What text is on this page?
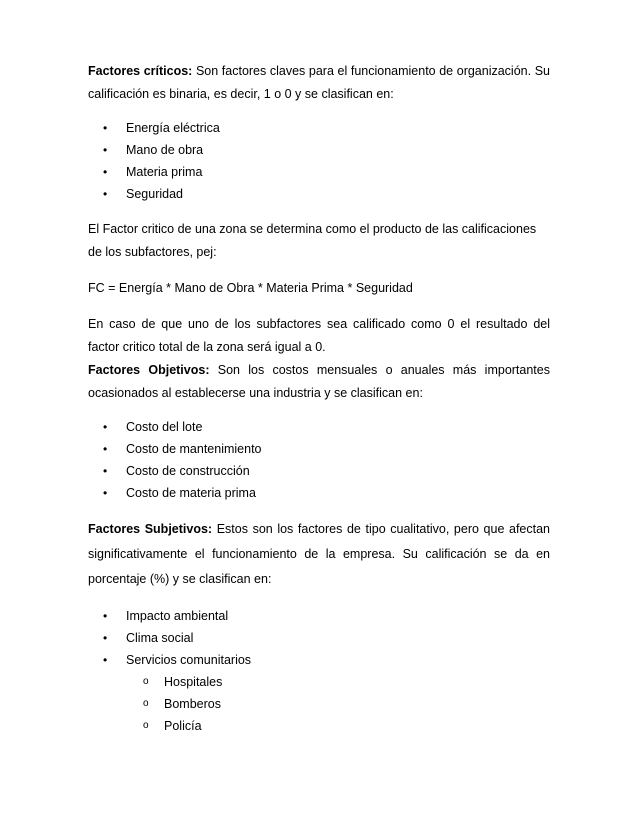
Factores críticos: Son factores claves para el funcionamiento de organización. Su calificación es binaria, es decir, 1 o 0 y se clasifican en:

•	Energía eléctrica
•	Mano de obra
•	Materia prima
•	Seguridad

El Factor critico de una zona se determina como el producto de las calificaciones de los subfactores, pej:

FC = Energía * Mano de Obra * Materia Prima * Seguridad

En caso de que uno de los subfactores sea calificado como 0 el resultado del factor critico total de la zona será igual a 0.

Factores Objetivos: Son los costos mensuales o anuales más importantes ocasionados al establecerse una industria y se clasifican en:

•	Costo del lote
•	Costo de mantenimiento
•	Costo de construcción
•	Costo de materia prima

Factores Subjetivos: Estos son los factores de tipo cualitativo, pero que afectan significativamente el funcionamiento de la empresa. Su calificación se da en porcentaje (%) y se clasifican en:

•	Impacto ambiental
•	Clima social
•	Servicios comunitarios
o Hospitales
o Bomberos
o Policía
